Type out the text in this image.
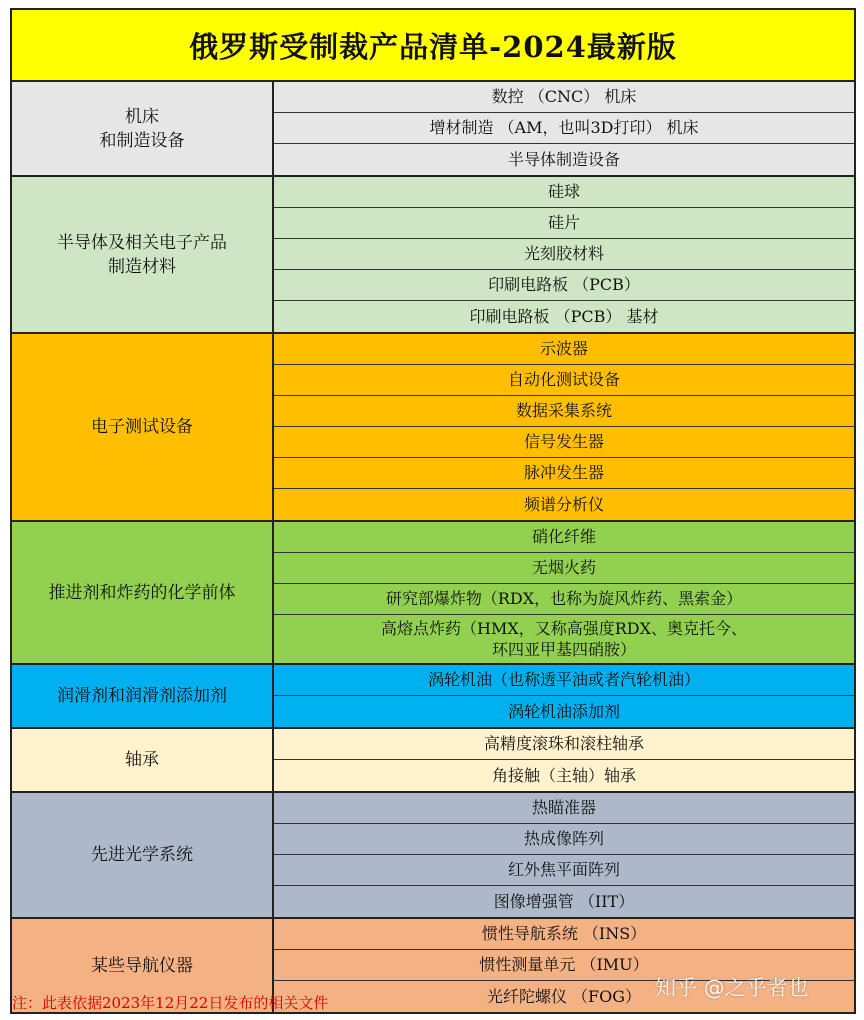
俄罗斯受制裁产品清单-2024最新版
机床
和制造设备
数控 （CNC） 机床
增材制造 （AM，也叫3D打印） 机床
半导体制造设备
半导体及相关电子产品
制造材料
硅球
硅片
光刻胶材料
印刷电路板 （PCB）
印刷电路板 （PCB） 基材
电子测试设备
示波器
自动化测试设备
数据采集系统
信号发生器
脉冲发生器
频谱分析仪
推进剂和炸药的化学前体
硝化纤维
无烟火药
研究部爆炸物（RDX，也称为旋风炸药、黑索金）
高熔点炸药（HMX，又称高强度RDX、奥克托今、
环四亚甲基四硝胺）
润滑剂和润滑剂添加剂
涡轮机油（也称透平油或者汽轮机油）
涡轮机油添加剂
轴承
高精度滚珠和滚柱轴承
角接触（主轴）轴承
先进光学系统
热瞄准器
热成像阵列
红外焦平面阵列
图像增强管 （IIT）
某些导航仪器
惯性导航系统 （INS）
惯性测量单元 （IMU）
光纤陀螺仪 （FOG）
注：此表依据2023年12月22日发布的相关文件
知乎 @之乎者也
